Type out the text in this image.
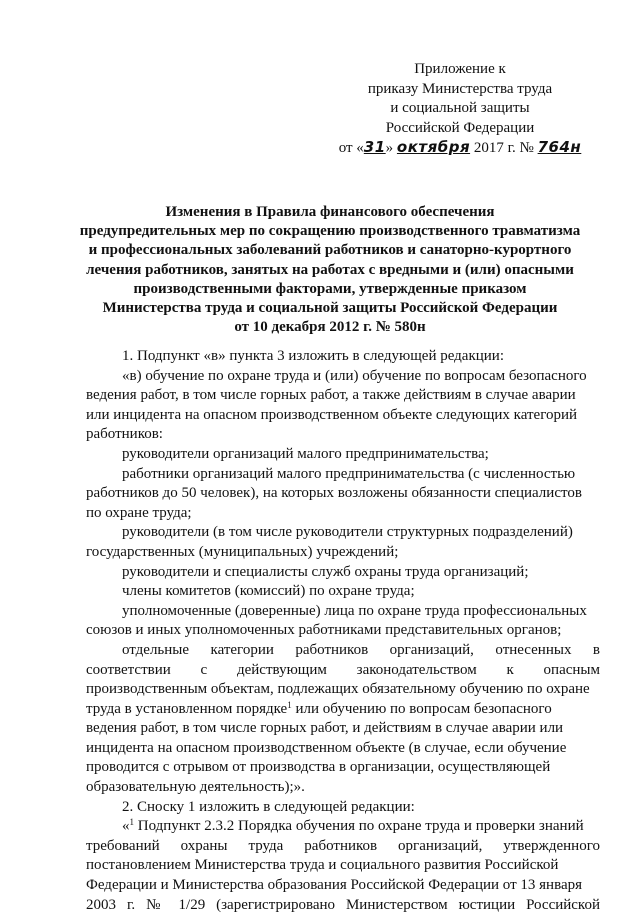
Приложение к
приказу Министерства труда
и социальной защиты
Российской Федерации
от «31» октября 2017 г. № 764н
Изменения в Правила финансового обеспечения
предупредительных мер по сокращению производственного травматизма
и профессиональных заболеваний работников и санаторно-курортного
лечения работников, занятых на работах с вредными и (или) опасными
производственными факторами, утвержденные приказом
Министерства труда и социальной защиты Российской Федерации
от 10 декабря 2012 г. № 580н
1. Подпункт «в» пункта 3 изложить в следующей редакции:
«в) обучение по охране труда и (или) обучение по вопросам безопасного
ведения работ, в том числе горных работ, а также действиям в случае аварии
или инцидента на опасном производственном объекте следующих категорий
работников:
руководители организаций малого предпринимательства;
работники организаций малого предпринимательства (с численностью
работников до 50 человек), на которых возложены обязанности специалистов
по охране труда;
руководители (в том числе руководители структурных подразделений)
государственных (муниципальных) учреждений;
руководители и специалисты служб охраны труда организаций;
члены комитетов (комиссий) по охране труда;
уполномоченные (доверенные) лица по охране труда профессиональных
союзов и иных уполномоченных работниками представительных органов;
отдельные категории работников организаций, отнесенных в
соответствии с действующим законодательством к опасным
производственным объектам, подлежащих обязательному обучению по охране
труда в установленном порядке$^1$ или обучению по вопросам безопасного
ведения работ, в том числе горных работ, и действиям в случае аварии или
инцидента на опасном производственном объекте (в случае, если обучение
проводится с отрывом от производства в организации, осуществляющей
образовательную деятельность);».
2. Сноску 1 изложить в следующей редакции:
«$^1$ Подпункт 2.3.2 Порядка обучения по охране труда и проверки знаний
требований охраны труда работников организаций, утвержденного
постановлением Министерства труда и социального развития Российской
Федерации и Министерства образования Российской Федерации от 13 января
2003 г. № 1/29 (зарегистрировано Министерством юстиции Российской
